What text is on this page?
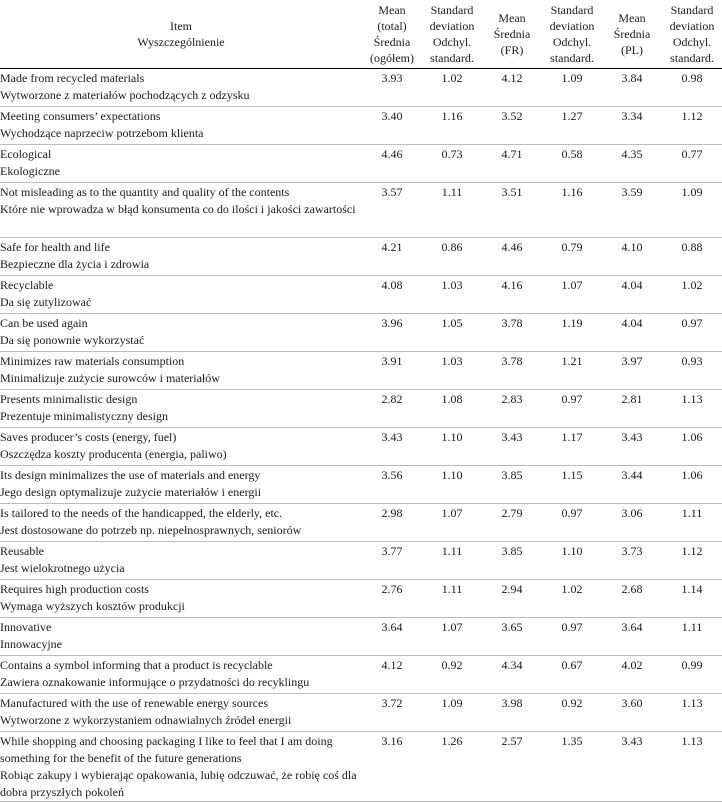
Item
Wyszczególnienie	Mean (total) Średnia (ogółem)	Standard deviation Odchyl. standard.	Mean Średnia (FR)	Standard deviation Odchyl. standard.	Mean Średnia (PL)	Standard deviation Odchyl. standard.

Made from recycled materials
Wytworzone z materiałów pochodzących z odzysku	3.93	1.02	4.12	1.09	3.84	0.98

Meeting consumers’ expectations
Wychodzące naprzeciw potrzebom klienta	3.40	1.16	3.52	1.27	3.34	1.12

Ecological
Ekologiczne	4.46	0.73	4.71	0.58	4.35	0.77

Not misleading as to the quantity and quality of the contents
Które nie wprowadza w błąd konsumenta co do ilości i jakości zawartości	3.57	1.11	3.51	1.16	3.59	1.09

Safe for health and life
Bezpieczne dla życia i zdrowia	4.21	0.86	4.46	0.79	4.10	0.88

Recyclable
Da się zutylizować	4.08	1.03	4.16	1.07	4.04	1.02

Can be used again
Da się ponownie wykorzystać	3.96	1.05	3.78	1.19	4.04	0.97

Minimizes raw materials consumption
Minimalizuje zużycie surowców i materiałów	3.91	1.03	3.78	1.21	3.97	0.93

Presents minimalistic design
Prezentuje minimalistyczny design	2.82	1.08	2.83	0.97	2.81	1.13

Saves producer’s costs (energy, fuel)
Oszczędza koszty producenta (energia, paliwo)	3.43	1.10	3.43	1.17	3.43	1.06

Its design minimalizes the use of materials and energy
Jego design optymalizuje zużycie materiałów i energii	3.56	1.10	3.85	1.15	3.44	1.06

Is tailored to the needs of the handicapped, the elderly, etc.
Jest dostosowane do potrzeb np. niepełnosprawnych, seniorów	2.98	1.07	2.79	0.97	3.06	1.11

Reusable
Jest wielokrotnego użycia	3.77	1.11	3.85	1.10	3.73	1.12

Requires high production costs
Wymaga wyższych kosztów produkcji	2.76	1.11	2.94	1.02	2.68	1.14

Innovative
Innowacyjne	3.64	1.07	3.65	0.97	3.64	1.11

Contains a symbol informing that a product is recyclable
Zawiera oznakowanie informujące o przydatności do recyklingu	4.12	0.92	4.34	0.67	4.02	0.99

Manufactured with the use of renewable energy sources
Wytworzone z wykorzystaniem odnawialnych źródeł energii	3.72	1.09	3.98	0.92	3.60	1.13

While shopping and choosing packaging I like to feel that I am doing something for the benefit of the future generations
Robiąc zakupy i wybierając opakowania, lubię odczuwać, że robię coś dla dobra przyszłych pokoleń	3.16	1.26	2.57	1.35	3.43	1.13
